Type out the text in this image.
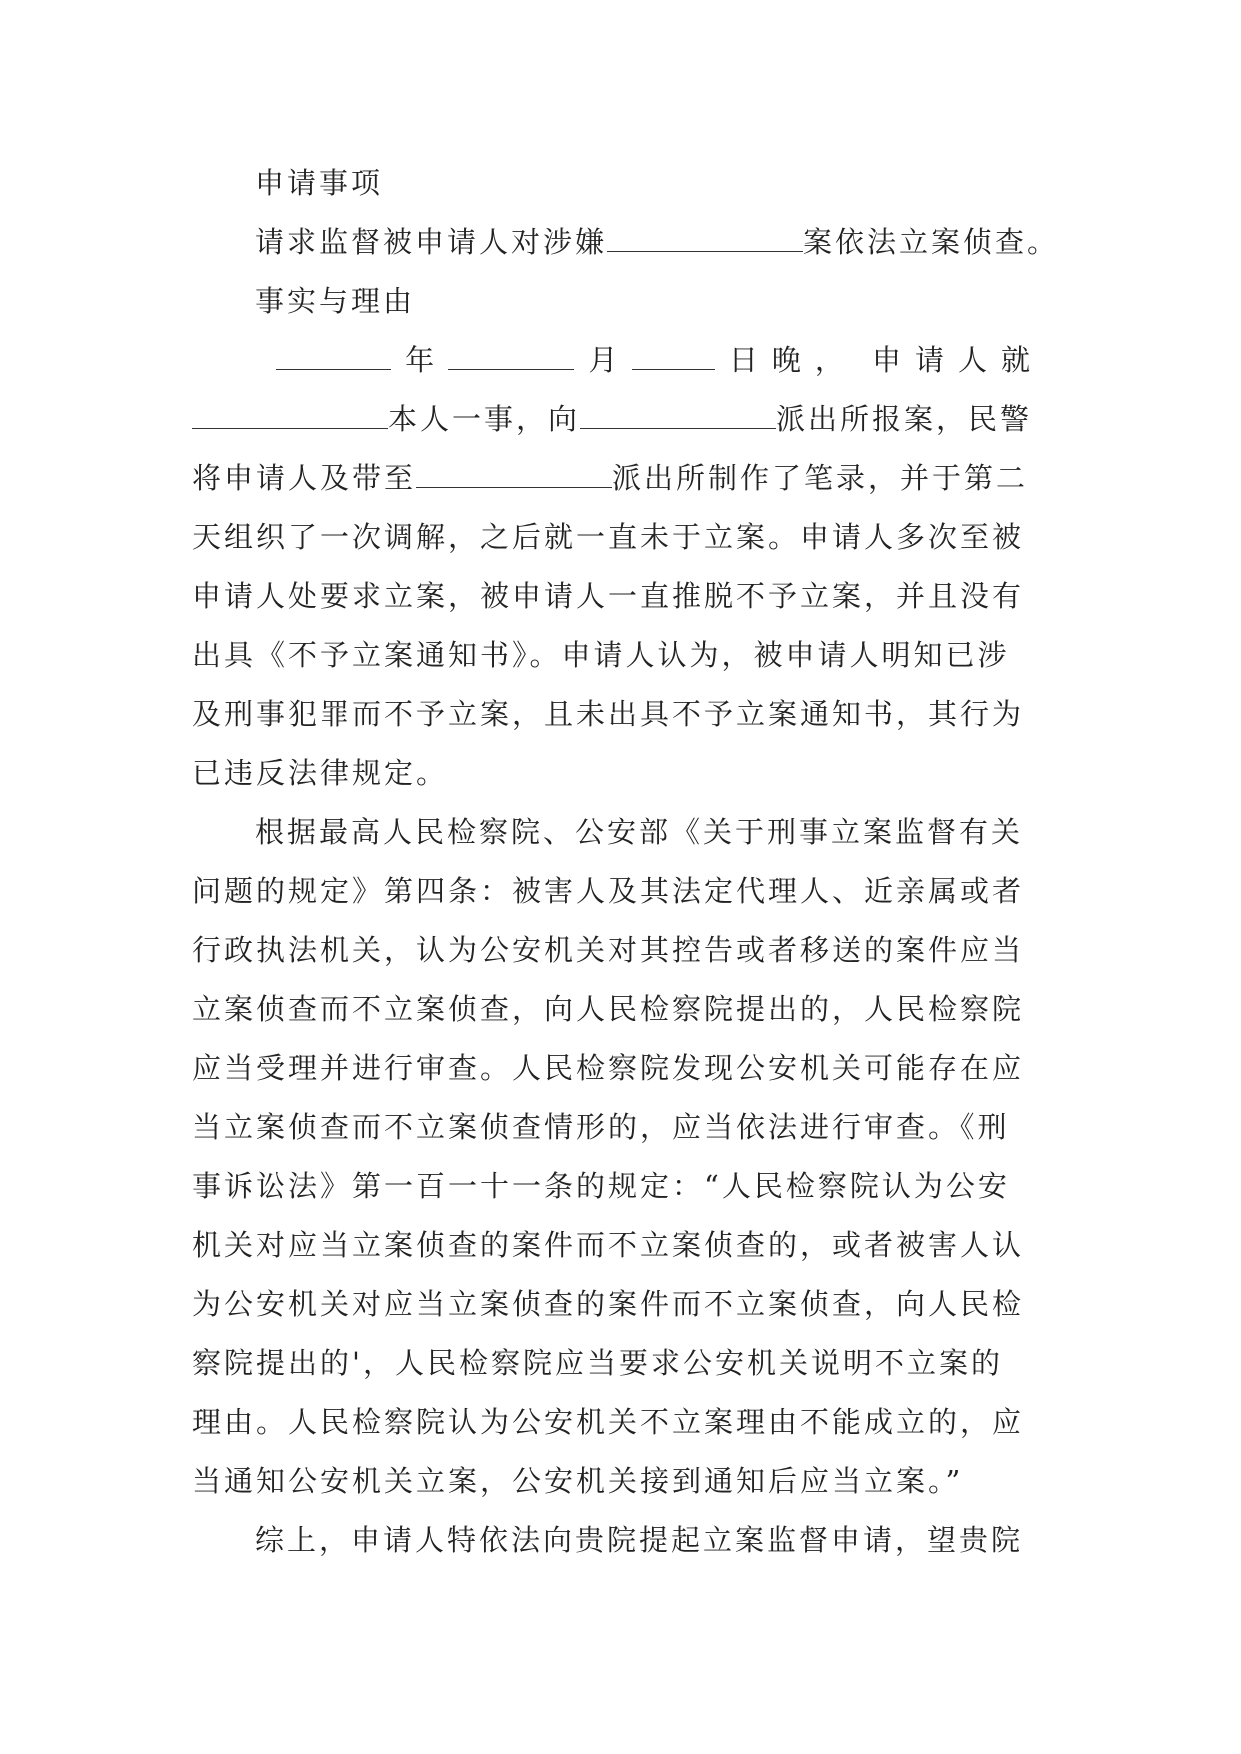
申请事项
请求监督被申请人对涉嫌	案依法立案侦查。
事实与理由
年	月	日晚， 申请人就
本人一事，向	派出所报案，民警
将申请人及带至	派出所制作了笔录，并于第二
天组织了一次调解，之后就一直未于立案。申请人多次至被
申请人处要求立案，被申请人一直推脱不予立案，并且没有
出具《不予立案通知书》。申请人认为，被申请人明知已涉
及刑事犯罪而不予立案，且未出具不予立案通知书，其行为
已违反法律规定。
根据最高人民检察院、公安部《关于刑事立案监督有关
问题的规定》第四条：被害人及其法定代理人、近亲属或者
行政执法机关，认为公安机关对其控告或者移送的案件应当
立案侦查而不立案侦查，向人民检察院提出的，人民检察院
应当受理并进行审查。人民检察院发现公安机关可能存在应
当立案侦查而不立案侦查情形的，应当依法进行审查。《刑
事诉讼法》第一百一十一条的规定：“人民检察院认为公安
机关对应当立案侦查的案件而不立案侦查的，或者被害人认
为公安机关对应当立案侦查的案件而不立案侦查，向人民检
察院提出的'，人民检察院应当要求公安机关说明不立案的
理由。人民检察院认为公安机关不立案理由不能成立的，应
当通知公安机关立案，公安机关接到通知后应当立案。”
综上，申请人特依法向贵院提起立案监督申请，望贵院
